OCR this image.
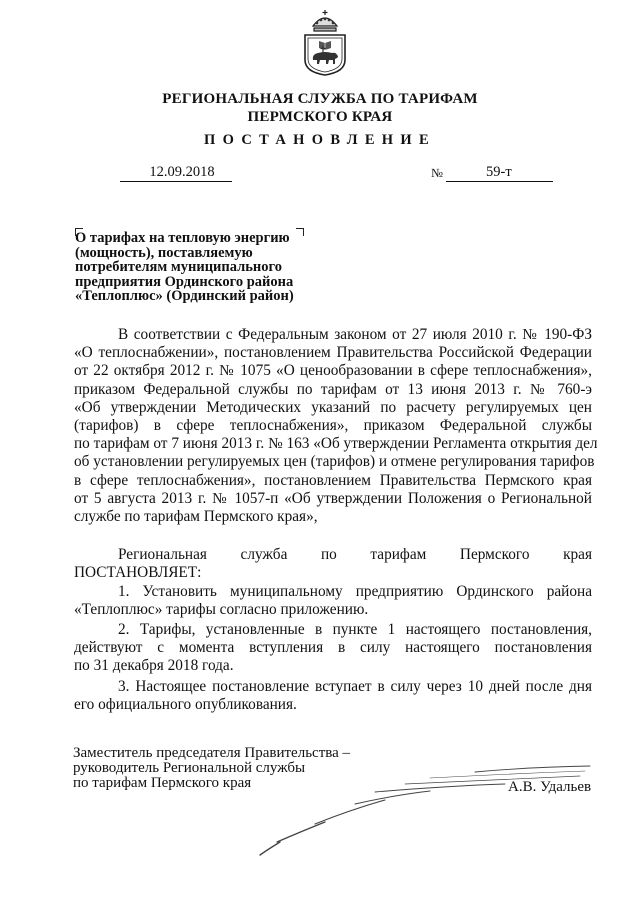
РЕГИОНАЛЬНАЯ СЛУЖБА ПО ТАРИФАМ
ПЕРМСКОГО КРАЯ
ПОСТАНОВЛЕНИЕ
12.09.2018	№	59-т
О тарифах на тепловую энергию
(мощность), поставляемую
потребителям муниципального
предприятия Ординского района
«Теплоплюс» (Ординский район)
В соответствии с Федеральным законом от 27 июля 2010 г. № 190-ФЗ
«О теплоснабжении», постановлением Правительства Российской Федерации
от 22 октября 2012 г. № 1075 «О ценообразовании в сфере теплоснабжения»,
приказом Федеральной службы по тарифам от 13 июня 2013 г. № 760-э
«Об утверждении Методических указаний по расчету регулируемых цен
(тарифов) в сфере теплоснабжения», приказом Федеральной службы
по тарифам от 7 июня 2013 г. № 163 «Об утверждении Регламента открытия дел
об установлении регулируемых цен (тарифов) и отмене регулирования тарифов
в сфере теплоснабжения», постановлением Правительства Пермского края
от 5 августа 2013 г. № 1057-п «Об утверждении Положения о Региональной
службе по тарифам Пермского края»,
Региональная служба по тарифам Пермского края
ПОСТАНОВЛЯЕТ:
1. Установить муниципальному предприятию Ординского района
«Теплоплюс» тарифы согласно приложению.
2. Тарифы, установленные в пункте 1 настоящего постановления,
действуют с момента вступления в силу настоящего постановления
по 31 декабря 2018 года.
3. Настоящее постановление вступает в силу через 10 дней после дня
его официального опубликования.
Заместитель председателя Правительства –
руководитель Региональной службы
по тарифам Пермского края	А.В. Удальев
